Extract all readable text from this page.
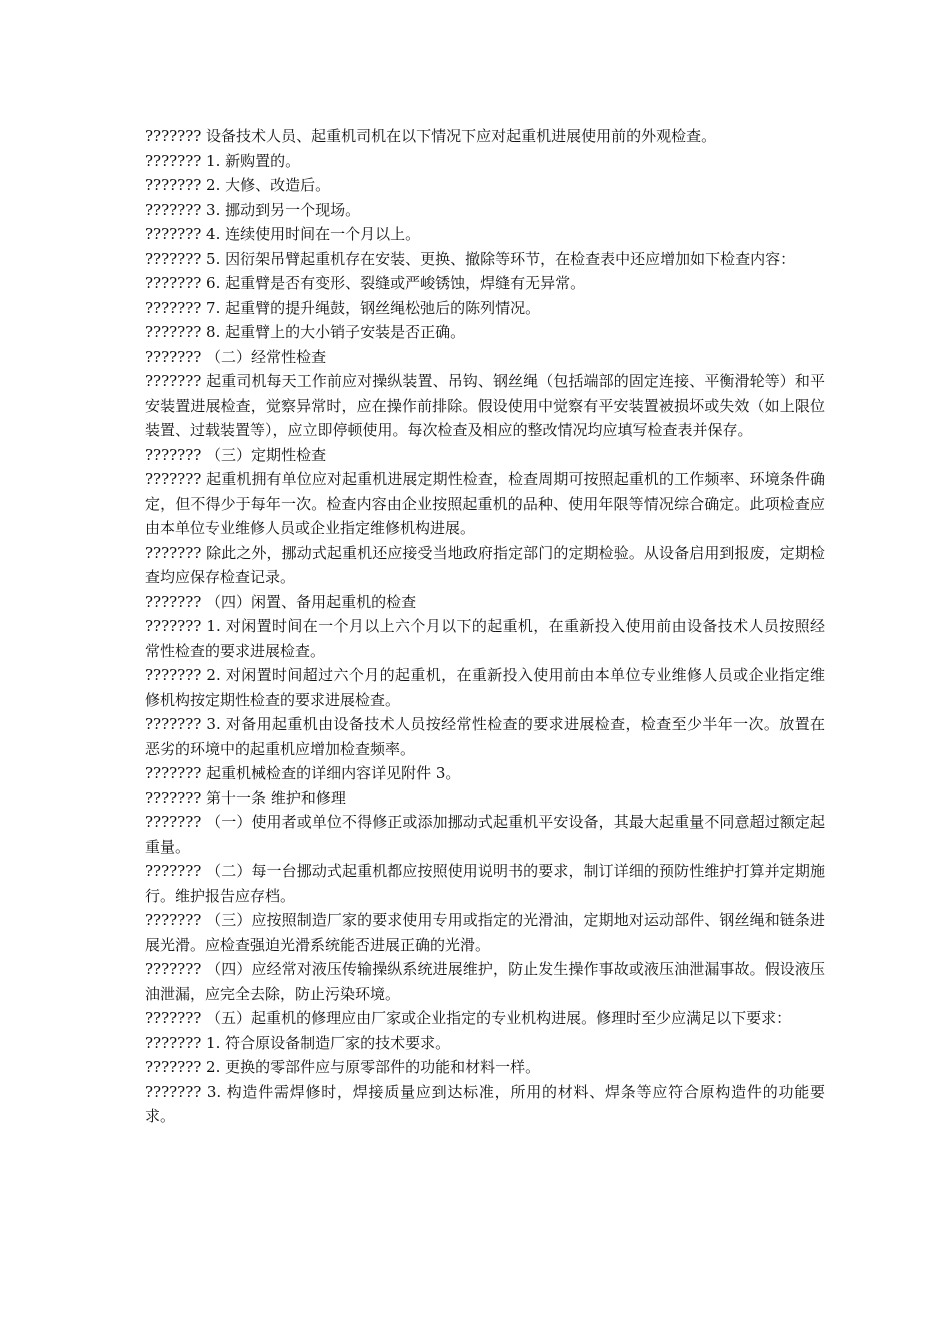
??????? 设备技术人员、起重机司机在以下情况下应对起重机进展使用前的外观检查。

??????? 1. 新购置的。

??????? 2. 大修、改造后。

??????? 3. 挪动到另一个现场。

??????? 4. 连续使用时间在一个月以上。

??????? 5. 因衍架吊臂起重机存在安装、更换、撤除等环节，在检查表中还应增加如下检查内容：

??????? 6. 起重臂是否有变形、裂缝或严峻锈蚀，焊缝有无异常。

??????? 7. 起重臂的提升绳鼓，钢丝绳松弛后的陈列情况。

??????? 8. 起重臂上的大小销子安装是否正确。

??????? （二）经常性检查

??????? 起重司机每天工作前应对操纵装置、吊钩、钢丝绳（包括端部的固定连接、平衡滑轮等）和平安装置进展检查，觉察异常时，应在操作前排除。假设使用中觉察有平安装置被损坏或失效（如上限位装置、过载装置等），应立即停顿使用。每次检查及相应的整改情况均应填写检查表并保存。

??????? （三）定期性检查

??????? 起重机拥有单位应对起重机进展定期性检查，检查周期可按照起重机的工作频率、环境条件确定，但不得少于每年一次。检查内容由企业按照起重机的品种、使用年限等情况综合确定。此项检查应由本单位专业维修人员或企业指定维修机构进展。

??????? 除此之外，挪动式起重机还应接受当地政府指定部门的定期检验。从设备启用到报废，定期检查均应保存检查记录。

??????? （四）闲置、备用起重机的检查

??????? 1. 对闲置时间在一个月以上六个月以下的起重机，在重新投入使用前由设备技术人员按照经常性检查的要求进展检查。

??????? 2. 对闲置时间超过六个月的起重机，在重新投入使用前由本单位专业维修人员或企业指定维修机构按定期性检查的要求进展检查。

??????? 3. 对备用起重机由设备技术人员按经常性检查的要求进展检查，检查至少半年一次。放置在恶劣的环境中的起重机应增加检查频率。

??????? 起重机械检查的详细内容详见附件 3。

??????? 第十一条 维护和修理

??????? （一）使用者或单位不得修正或添加挪动式起重机平安设备，其最大起重量不同意超过额定起重量。

??????? （二）每一台挪动式起重机都应按照使用说明书的要求，制订详细的预防性维护打算并定期施行。维护报告应存档。

??????? （三）应按照制造厂家的要求使用专用或指定的光滑油，定期地对运动部件、钢丝绳和链条进展光滑。应检查强迫光滑系统能否进展正确的光滑。

??????? （四）应经常对液压传输操纵系统进展维护，防止发生操作事故或液压油泄漏事故。假设液压油泄漏，应完全去除，防止污染环境。

??????? （五）起重机的修理应由厂家或企业指定的专业机构进展。修理时至少应满足以下要求：

??????? 1. 符合原设备制造厂家的技术要求。

??????? 2. 更换的零部件应与原零部件的功能和材料一样。

??????? 3. 构造件需焊修时，焊接质量应到达标准，所用的材料、焊条等应符合原构造件的功能要求。
